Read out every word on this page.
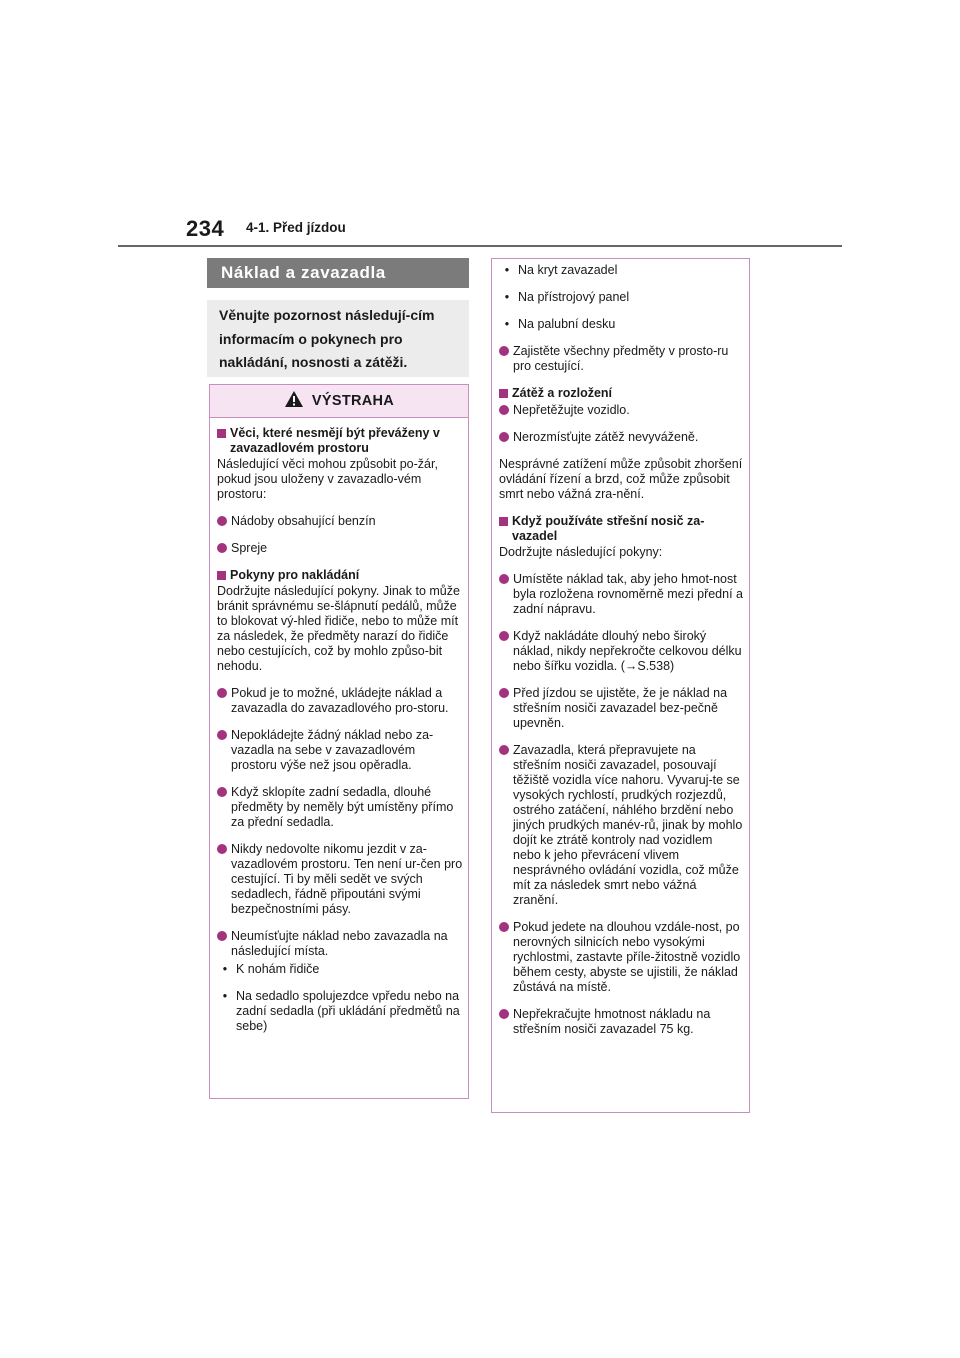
234 4-1. Před jízdou
Náklad a zavazadla
Věnujte pozornost následují-cím informacím o pokynech pro nakládání, nosnosti a zátěži.
VÝSTRAHA
Věci, které nesmějí být převáženy v zavazadlovém prostoru
Následující věci mohou způsobit po-žár, pokud jsou uloženy v zavazadlo-vém prostoru:
Nádoby obsahující benzín
Spreje
Pokyny pro nakládání
Dodržujte následující pokyny. Jinak to může bránit správnému se-šlápnutí pedálů, může to blokovat vý-hled řidiče, nebo to může mít za následek, že předměty narazí do řidiče nebo cestujících, což by mohlo způso-bit nehodu.
Pokud je to možné, ukládejte náklad a zavazadla do zavazadlového pro-storu.
Nepokládejte žádný náklad nebo za-vazadla na sebe v zavazadlovém prostoru výše než jsou opěradla.
Když sklopíte zadní sedadla, dlouhé předměty by neměly být umístěny přímo za přední sedadla.
Nikdy nedovolte nikomu jezdit v za-vazadlovém prostoru. Ten není ur-čen pro cestující. Ti by měli sedět ve svých sedadlech, řádně připoutáni svými bezpečnostními pásy.
Neumísťujte náklad nebo zavazadla na následující místa.
• K nohám řidiče
• Na sedadlo spolujezdce vpředu nebo na zadní sedadla (při ukládání předmětů na sebe)
• Na kryt zavazadel
• Na přístrojový panel
• Na palubní desku
Zajistěte všechny předměty v prosto-ru pro cestující.
Zátěž a rozložení
Nepřetěžujte vozidlo.
Nerozmísťujte zátěž nevyváženě.
Nesprávné zatížení může způsobit zhoršení ovládání řízení a brzd, což může způsobit smrt nebo vážná zra-nění.
Když používáte střešní nosič za-vazadel
Dodržujte následující pokyny:
Umístěte náklad tak, aby jeho hmot-nost byla rozložena rovnoměrně mezi přední a zadní nápravu.
Když nakládáte dlouhý nebo široký náklad, nikdy nepřekročte celkovou délku nebo šířku vozidla. (→S.538)
Před jízdou se ujistěte, že je náklad na střešním nosiči zavazadel bez-pečně upevněn.
Zavazadla, která přepravujete na střešním nosiči zavazadel, posouvají těžiště vozidla více nahoru. Vyvaruj-te se vysokých rychlostí, prudkých rozjezdů, ostrého zatáčení, náhlého brzdění nebo jiných prudkých manév-rů, jinak by mohlo dojít ke ztrátě kontroly nad vozidlem nebo k jeho převrácení vlivem nesprávného ovládání vozidla, což může mít za následek smrt nebo vážná zranění.
Pokud jedete na dlouhou vzdále-nost, po nerovných silnicích nebo vysokými rychlostmi, zastavte příle-žitostně vozidlo během cesty, abyste se ujistili, že náklad zůstává na místě.
Nepřekračujte hmotnost nákladu na střešním nosiči zavazadel 75 kg.
